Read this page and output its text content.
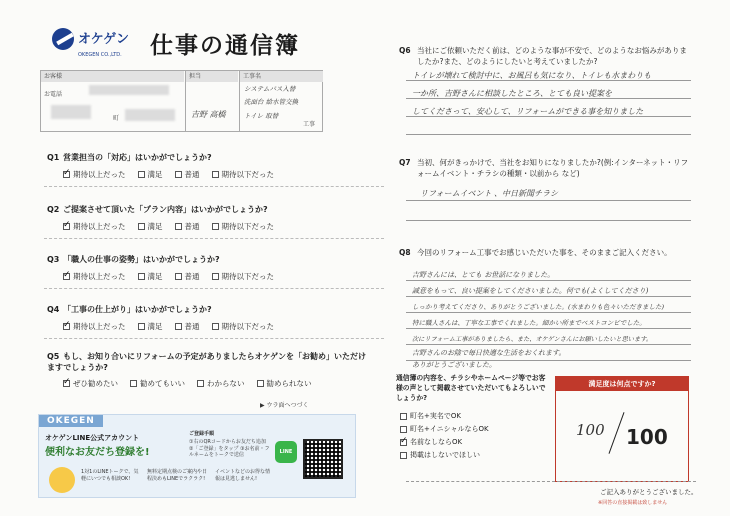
オケゲン
OKEGEN CO.,LTD. 仕事の通信簿
お客様	担当	工事名
お電話
町	吉野 高橋
システムバス入替
洗面台 給水管交換
トイレ 取替
工事
Q1 営業担当の「対応」はいかがでしょうか?
✓
期待以上だった	満足	普通	期待以下だった
Q2 ご提案させて頂いた「プラン内容」はいかがでしょうか?
✓
期待以上だった	満足	普通	期待以下だった
Q3 「職人の仕事の姿勢」はいかがでしょうか?
✓
期待以上だった	満足	普通	期待以下だった
Q4 「工事の仕上がり」はいかがでしょうか?
✓
期待以上だった	満足	普通	期待以下だった
Q5 もし、お知り合いにリフォームの予定がありましたらオケゲンを「お勧め」いただけますでしょうか?
✓
ぜひ勧めたい	勧めてもいい	わからない	勧められない
▶ ウラ面へつづく
OKEGEN
オケゲンLINE公式アカウント
便利なお友だち登録を!
ご登録手順
①右のQRコードからお友だち追加 ②「ご登録」をタップ ③お名前・フルネームをトークで送信
1対1のLINEトークで、気軽にいつでも相談OK!
無料定期点検のご案内や日程決めもLINEでラクラク!
イベントなどのお得な情報は見逃しません!
LINE
Q6 当社にご依頼いただく前は、どのような事が不安で、どのようなお悩みがありましたか?また、どのようにしたいと考えていましたか?
トイレが壊れて検討中に、お風呂も気になり、トイレも水まわりも
一か所、吉野さんに相談したところ、とても良い提案を
してくださって、安心して、リフォームができる事を知りました
Q7 当初、何がきっかけで、当社をお知りになりましたか?(例:インターネット・リフォームイベント・チラシの種類・以前から など)
リフォームイベント 、中日新聞チラシ
Q8 今回のリフォーム工事でお感じいただいた事を、そのままご記入ください。
吉野さんには、とても お世話になりました。
誠意をもって、良い提案をしてくださいました。何でも(よくしてくださり)
しっかり考えてくださり、ありがとうございました。(水まわりも色々いただきました)
特に職人さんは、丁寧な工事でくれました。細かい所までベストコンビでした。
次にリフォーム工事がありましたら、また、オケゲンさんにお願いしたいと思います。
吉野さんのお陰で毎日快適な生活をおくれます。
ありがとうございました。
通信簿の内容を、チラシやホームページ等でお客様の声として掲載させていただいてもよろしいでしょうか?
町名+実名でOK
町名+イニシャルならOK
✓
名前なしならOK
掲載はしないでほしい
満足度は何点ですか?
100 100
ご記入ありがとうございました。
※回答の直接掲載は致しません
